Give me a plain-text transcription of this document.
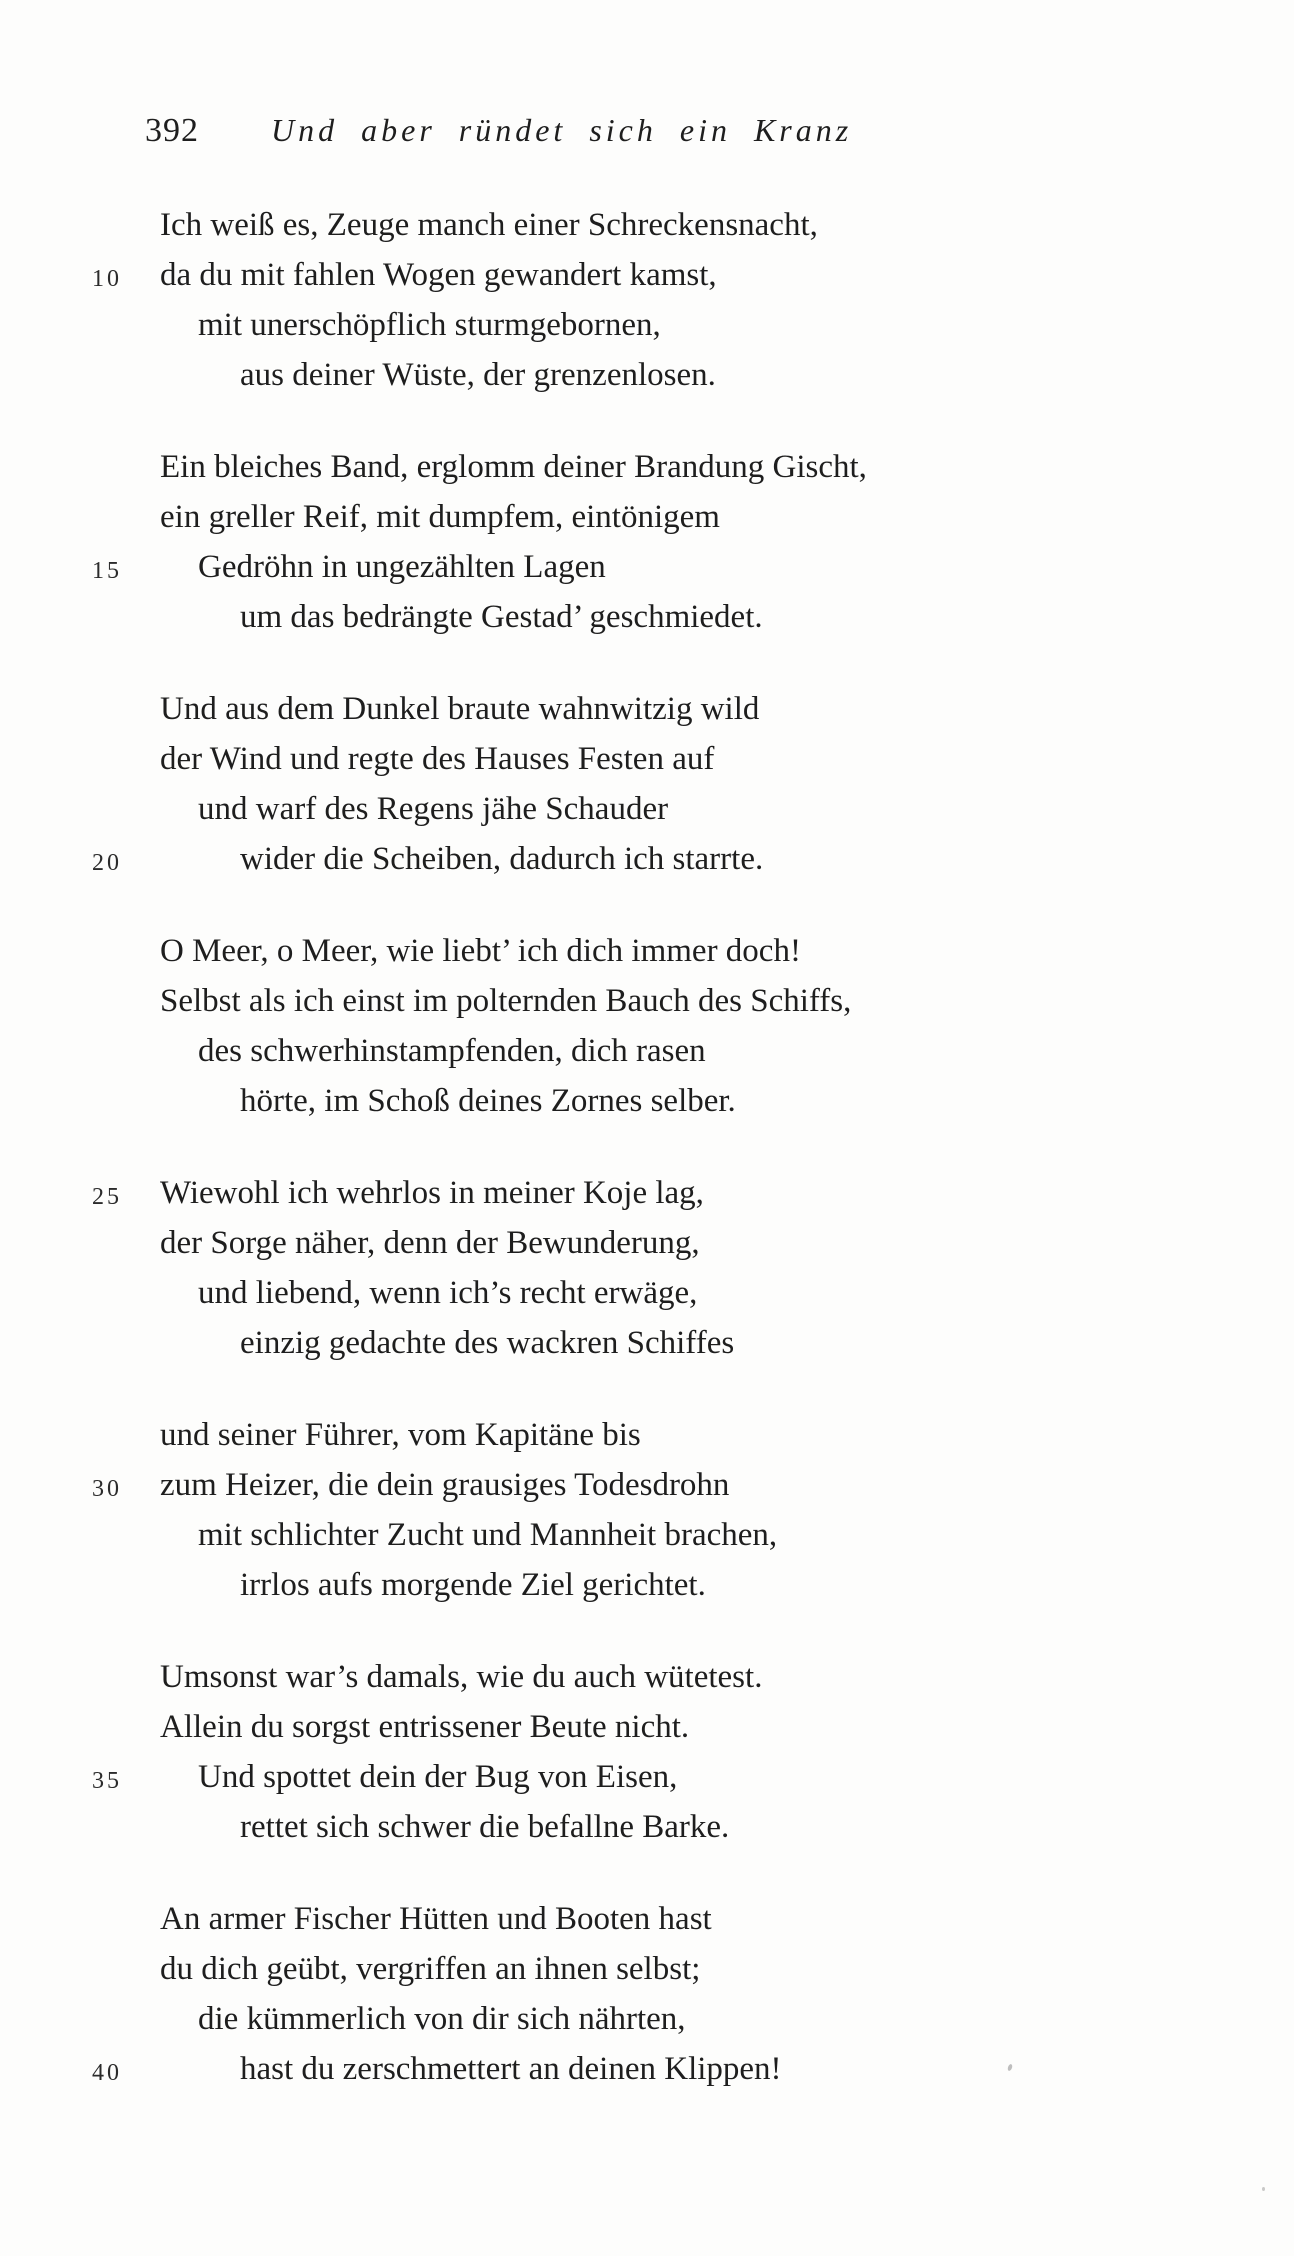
392 Und aber ründet sich ein Kranz
Ich weiß es, Zeuge manch einer Schreckensnacht,
10 da du mit fahlen Wogen gewandert kamst,
mit unerschöpflich sturmgebornen,
aus deiner Wüste, der grenzenlosen.
Ein bleiches Band, erglomm deiner Brandung Gischt,
ein greller Reif, mit dumpfem, eintönigem
15 Gedröhn in ungezählten Lagen
um das bedrängte Gestad’ geschmiedet.
Und aus dem Dunkel braute wahnwitzig wild
der Wind und regte des Hauses Festen auf
und warf des Regens jähe Schauder
20	wider die Scheiben, dadurch ich starrte.
O Meer, o Meer, wie liebt’ ich dich immer doch!
Selbst als ich einst im polternden Bauch des Schiffs,
des schwerhinstampfenden, dich rasen
hörte, im Schoß deines Zornes selber.
25 Wiewohl ich wehrlos in meiner Koje lag,
der Sorge näher, denn der Bewunderung,
und liebend, wenn ich’s recht erwäge,
einzig gedachte des wackren Schiffes
und seiner Führer, vom Kapitäne bis
30 zum Heizer, die dein grausiges Todesdrohn
mit schlichter Zucht und Mannheit brachen,
irrlos aufs morgende Ziel gerichtet.
Umsonst war’s damals, wie du auch wütetest.
Allein du sorgst entrissener Beute nicht.
35 Und spottet dein der Bug von Eisen,
rettet sich schwer die befallne Barke.
An armer Fischer Hütten und Booten hast
du dich geübt, vergriffen an ihnen selbst;
die kümmerlich von dir sich nährten,
40	hast du zerschmettert an deinen Klippen!
